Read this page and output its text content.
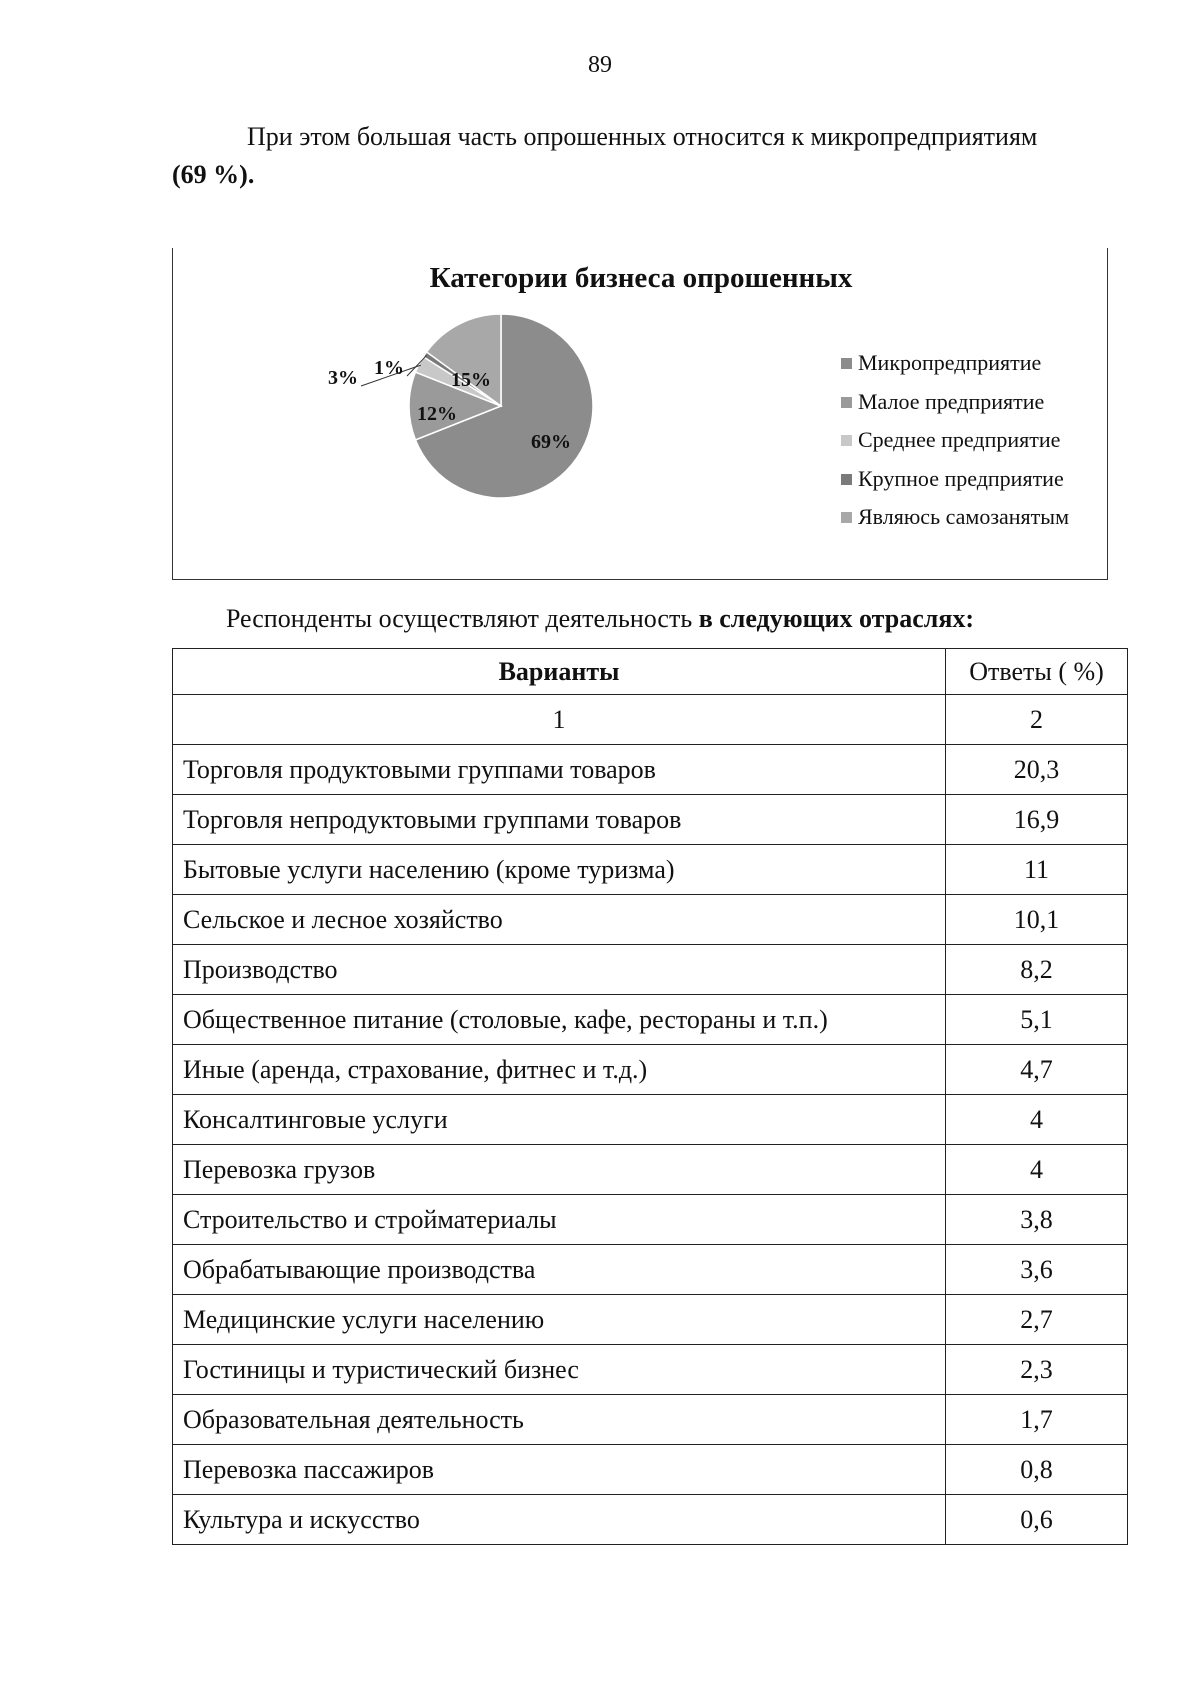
89
При этом большая часть опрошенных относится к микропредприятиям
(69 %).
Категории бизнеса опрошенных
69%
12%
3% 1%
15%
Микропредприятие
Малое предприятие
Среднее предприятие
Крупное предприятие
Являюсь самозанятым
Респонденты осуществляют деятельность в следующих отраслях:
Варианты	Ответы ( %)
1	2
Торговля продуктовыми группами товаров	20,3
Торговля непродуктовыми группами товаров	16,9
Бытовые услуги населению (кроме туризма)	11
Сельское и лесное хозяйство	10,1
Производство	8,2
Общественное питание (столовые, кафе, рестораны и т.п.)	5,1
Иные (аренда, страхование, фитнес и т.д.)	4,7
Консалтинговые услуги	4
Перевозка грузов	4
Строительство и стройматериалы	3,8
Обрабатывающие производства	3,6
Медицинские услуги населению	2,7
Гостиницы и туристический бизнес	2,3
Образовательная деятельность	1,7
Перевозка пассажиров	0,8
Культура и искусство	0,6
